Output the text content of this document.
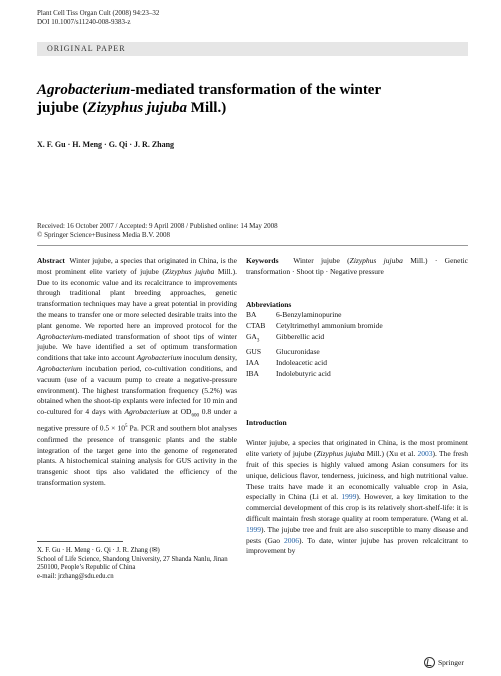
Plant Cell Tiss Organ Cult (2008) 94:23–32
DOI 10.1007/s11240-008-9383-z
ORIGINAL PAPER
Agrobacterium-mediated transformation of the winter
jujube (Zizyphus jujuba Mill.)
X. F. Gu · H. Meng · G. Qi · J. R. Zhang
Received: 16 October 2007 / Accepted: 9 April 2008 / Published online: 14 May 2008
© Springer Science+Business Media B.V. 2008
Abstract Winter jujube, a species that originated in China, is the most prominent elite variety of jujube (Zizyphus jujuba Mill.). Due to its economic value and its recalcitrance to improvements through traditional plant breeding approaches, genetic transformation techniques may have a great potential in providing the means to transfer one or more selected desirable traits into the plant genome. We reported here an improved protocol for the Agrobacterium-mediated transformation of shoot tips of winter jujube. We have identified a set of optimum transformation conditions that take into account Agrobacterium inoculum density, Agrobacterium incubation period, co-cultivation conditions, and vacuum (use of a vacuum pump to create a negative-pressure environment). The highest transformation frequency (5.2%) was obtained when the shoot-tip explants were infected for 10 min and co-cultured for 4 days with Agrobacterium at $OD_{600}$ 0.8 under a negative pressure of $0.5 \times 10^5$ Pa. PCR and southern blot analyses confirmed the presence of transgenic plants and the stable integration of the target gene into the genome of regenerated plants. A histochemical staining analysis for GUS activity in the transgenic shoot tips also validated the efficiency of the transformation system.
X. F. Gu · H. Meng · G. Qi · J. R. Zhang (✉)
School of Life Science, Shandong University, 27 Shanda Nanlu, Jinan 250100, People’s Republic of China
e-mail: jrzhang@sdu.edu.cn
Keywords Winter jujube (Zizyphus jujuba Mill.) · Genetic transformation · Shoot tip · Negative pressure
Abbreviations
BA	6-Benzylaminopurine
CTAB	Cetyltrimethyl ammonium bromide
$GA_3$	Gibberellic acid
GUS	Glucuronidase
IAA	Indoleacetic acid
IBA	Indolebutyric acid
Introduction
Winter jujube, a species that originated in China, is the most prominent elite variety of jujube (Zizyphus jujuba Mill.) (Xu et al. 2003). The fresh fruit of this species is highly valued among Asian consumers for its unique, delicious flavor, tenderness, juiciness, and high nutritional value. These traits have made it an economically valuable crop in Asia, especially in China (Li et al. 1999). However, a key limitation to the commercial development of this crop is its relatively short-shelf-life: it is difficult maintain fresh storage quality at room temperature. (Wang et al. 1999). The jujube tree and fruit are also susceptible to many disease and pests (Gao 2006). To date, winter jujube has proven relcalcitrant to improvement by
Springer
